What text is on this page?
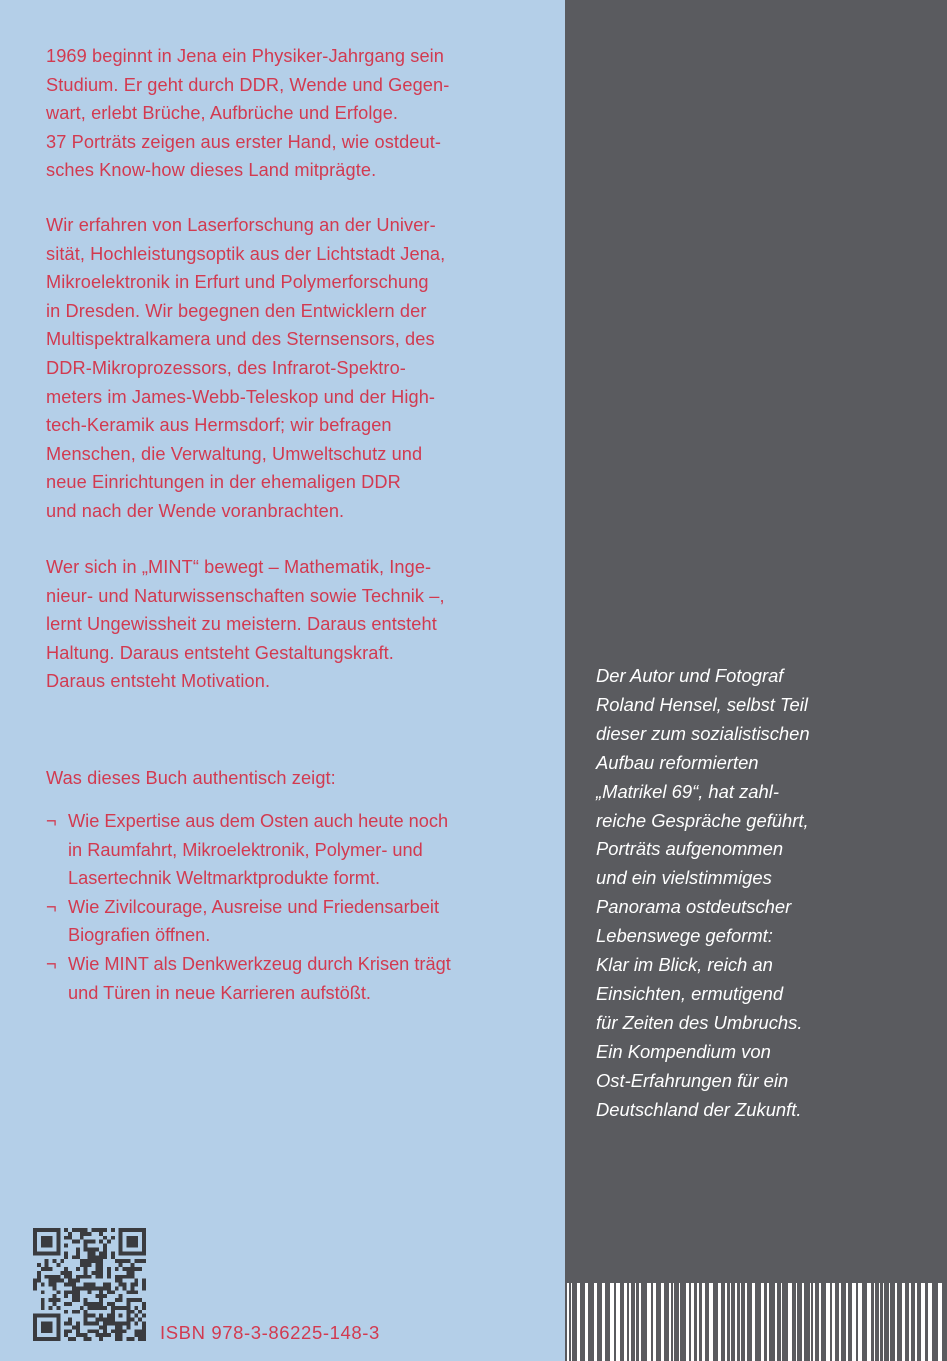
1969 beginnt in Jena ein Physiker-Jahrgang sein
Studium. Er geht durch DDR, Wende und Gegen-
wart, erlebt Brüche, Aufbrüche und Erfolge.
37 Porträts zeigen aus erster Hand, wie ostdeut-
sches Know-how dieses Land mitprägte.
Wir erfahren von Laserforschung an der Univer-
sität, Hochleistungsoptik aus der Lichtstadt Jena,
Mikroelektronik in Erfurt und Polymerforschung
in Dresden. Wir begegnen den Entwicklern der
Multispektralkamera und des Sternsensors, des
DDR-Mikroprozessors, des Infrarot-Spektro-
meters im James-Webb-Teleskop und der High-
tech-Keramik aus Hermsdorf; wir befragen
Menschen, die Verwaltung, Umweltschutz und
neue Einrichtungen in der ehemaligen DDR
und nach der Wende voranbrachten.
Wer sich in „MINT“ bewegt – Mathematik, Inge-
nieur- und Naturwissenschaften sowie Technik –,
lernt Ungewissheit zu meistern. Daraus entsteht
Haltung. Daraus entsteht Gestaltungskraft.
Daraus entsteht Motivation.
Was dieses Buch authentisch zeigt:
¬ Wie Expertise aus dem Osten auch heute noch
in Raumfahrt, Mikroelektronik, Polymer- und
Lasertechnik Weltmarktprodukte formt.
¬ Wie Zivilcourage, Ausreise und Friedensarbeit
Biografien öffnen.
¬ Wie MINT als Denkwerkzeug durch Krisen trägt
und Türen in neue Karrieren aufstößt.
Der Autor und Fotograf
Roland Hensel, selbst Teil
dieser zum sozialistischen
Aufbau reformierten
„Matrikel 69“, hat zahl-
reiche Gespräche geführt,
Porträts aufgenommen
und ein vielstimmiges
Panorama ostdeutscher
Lebenswege geformt:
Klar im Blick, reich an
Einsichten, ermutigend
für Zeiten des Umbruchs.
Ein Kompendium von
Ost-Erfahrungen für ein
Deutschland der Zukunft.
ISBN 978-3-86225-148-3
